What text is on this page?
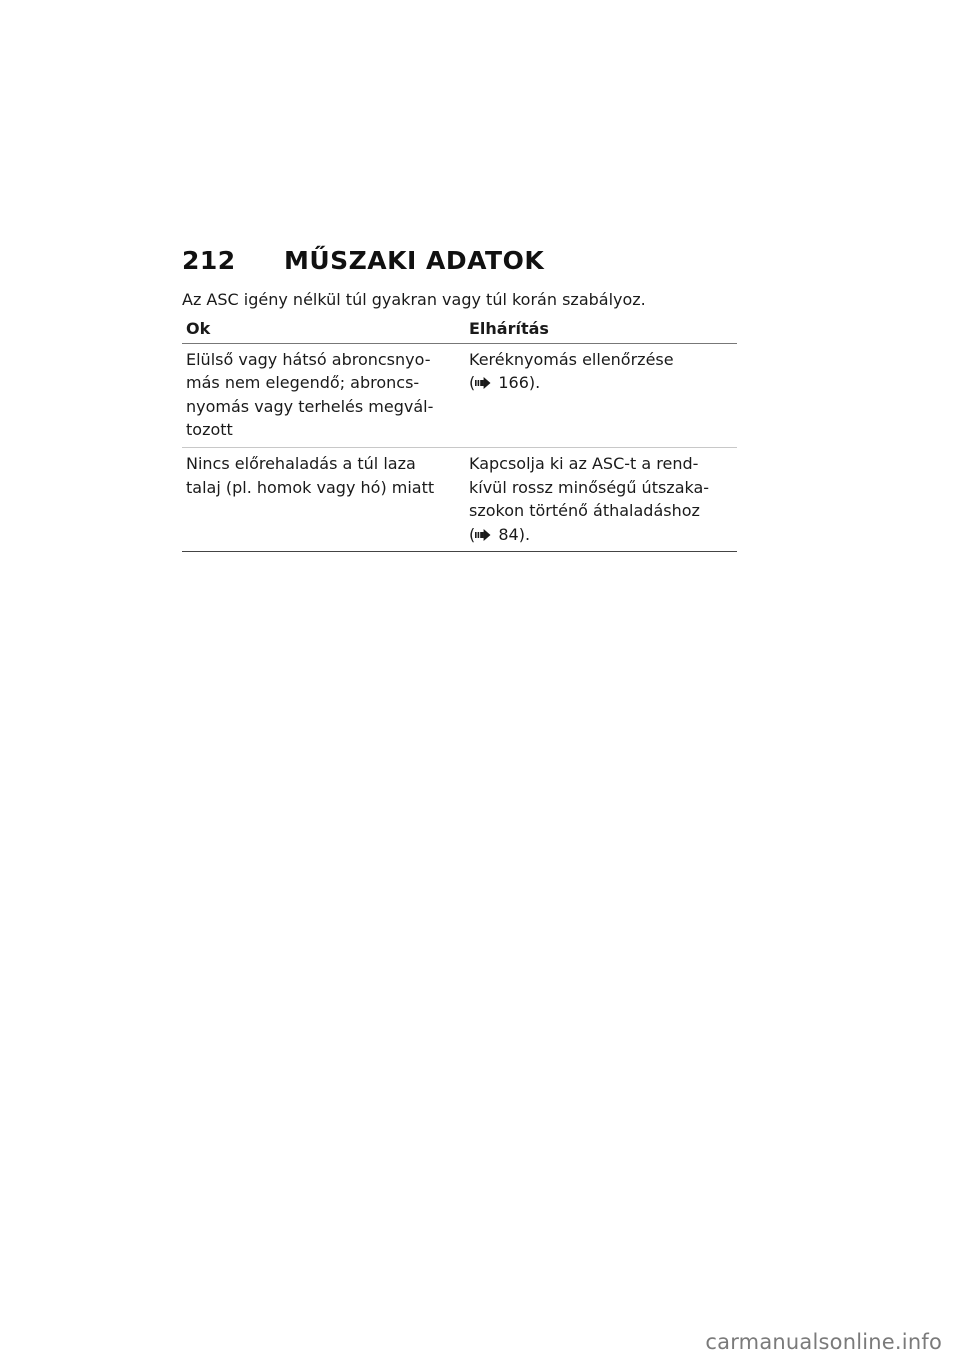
212	MŰSZAKI ADATOK
Az ASC igény nélkül túl gyakran vagy túl korán szabályoz.
Ok	Elhárítás
Elülső vagy hátsó abroncsnyo-
más nem elegendő; abroncs-
nyomás vagy terhelés megvál-
tozott
Keréknyomás ellenőrzése
( 166).
Nincs előrehaladás a túl laza
talaj (pl. homok vagy hó) miatt
Kapcsolja ki az ASC-t a rend-
kívül rossz minőségű útszaka-
szokon történő áthaladáshoz
( 84).
carmanualsonline.info
